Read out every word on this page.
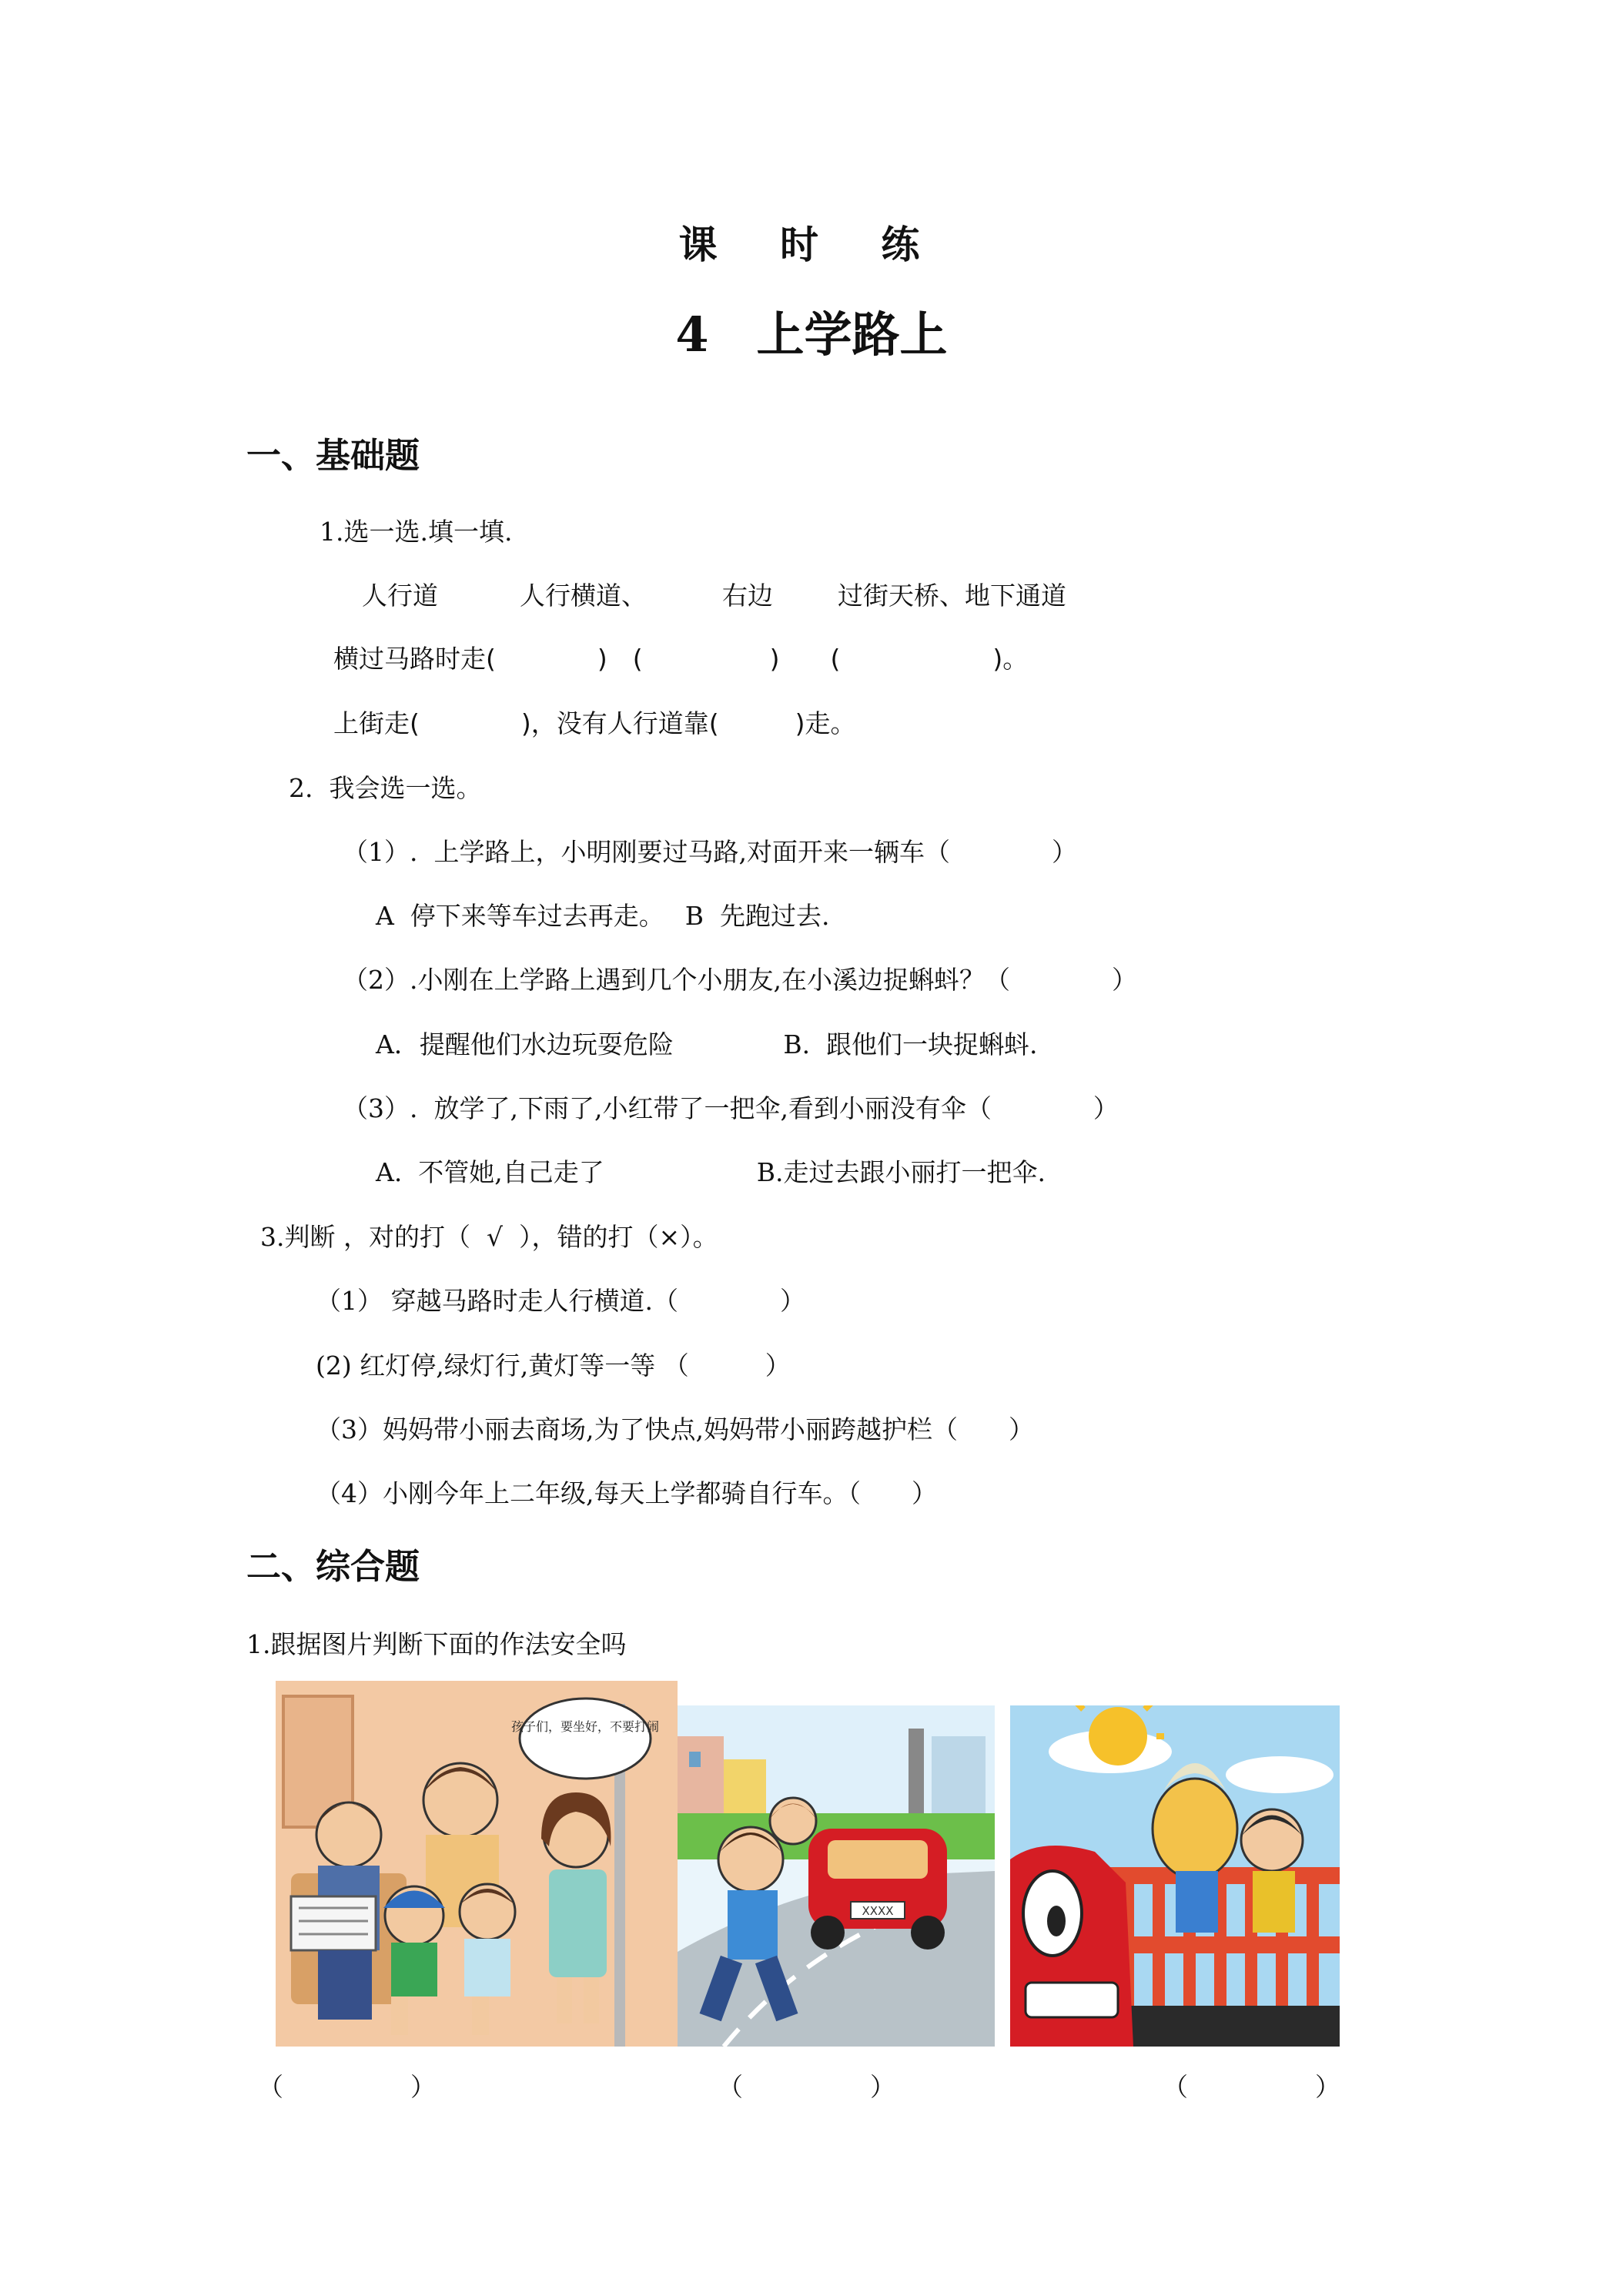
课 时 练
4　上学路上
一、基础题
1.选一选.填一填.
人行道	人行横道、	右边	过街天桥、地下通道
横过马路时走(　　　　)　(　　　　　)　　(　　　　　　)。
上街走(　　　　)，没有人行道靠(　　　)走。
2.  我会选一选。
（1）.  上学路上，小明刚要过马路,对面开来一辆车（　　　　）
A  停下来等车过去再走。　 B  先跑过去.
（2）.小刚在上学路上遇到几个小朋友,在小溪边捉蝌蚪？（　　　　）
A．提醒他们水边玩耍危险　　　　 B.  跟他们一块捉蝌蚪.
（3）.  放学了,下雨了,小红带了一把伞,看到小丽没有伞（　　　　）
A.  不管她,自己走了　　　　　　B.走过去跟小丽打一把伞.
3.判断 ，对的打（  √  ），错的打（×）。
（1） 穿越马路时走人行横道.（　　　　）
(2) 红灯停,绿灯行,黄灯等一等 （　　　）
（3）妈妈带小丽去商场,为了快点,妈妈带小丽跨越护栏（　　）
（4）小刚今年上二年级,每天上学都骑自行车。（　　）
二、综合题
1.跟据图片判断下面的作法安全吗
孩子们，要坐好，不要打闹
XXXX
（　　　　　）	（　　　　　）	（　　　　　）
